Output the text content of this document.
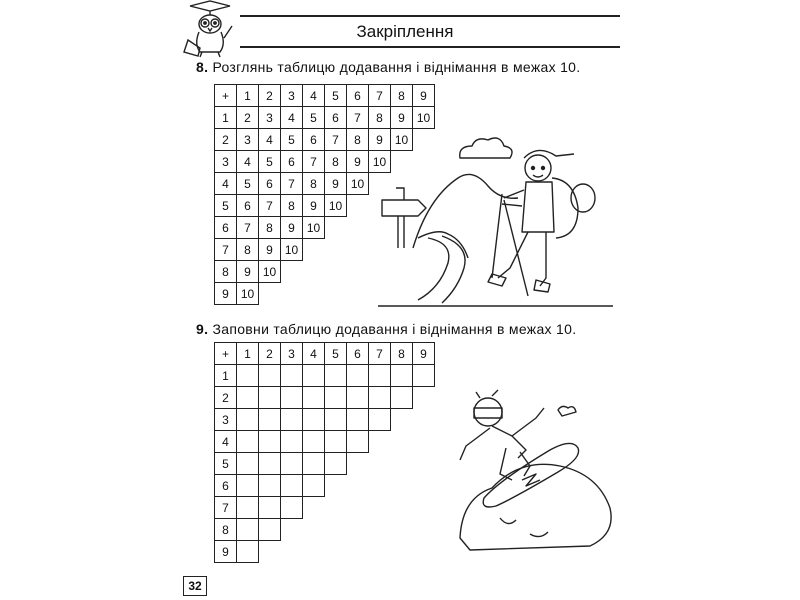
Закріплення
8. Розглянь таблицю додавання і віднімання в межах 10.
+	1	2	3	4	5	6	7	8	9
1	2	3	4	5	6	7	8	9	10
2	3	4	5	6	7	8	9	10	
3	4	5	6	7	8	9	10		
4	5	6	7	8	9	10			
5	6	7	8	9	10				
6	7	8	9	10					
7	8	9	10						
8	9	10							
9	10								
9. Заповни таблицю додавання і віднімання в межах 10.
+	1	2	3	4	5	6	7	8	9
1									
2									
3									
4									
5									
6									
7									
8									
9									
32
